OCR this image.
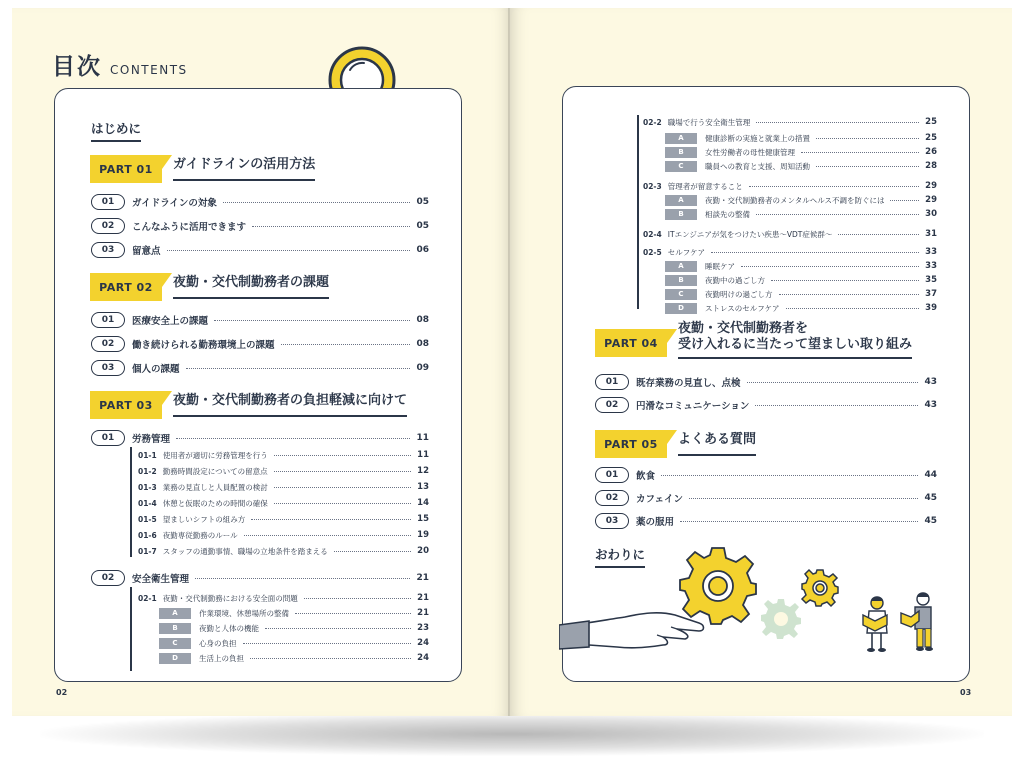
目次 CONTENTS
はじめに
PART 01	ガイドラインの活用方法
01	ガイドラインの対象	05
02	こんなふうに活用できます	05
03	留意点	06
PART 02	夜勤・交代制勤務者の課題
01	医療安全上の課題	08
02	働き続けられる勤務環境上の課題	08
03	個人の課題	09
PART 03	夜勤・交代制勤務者の負担軽減に向けて
01	労務管理	11
01-1 使用者が適切に労務管理を行う	11
01-2 勤務時間設定についての留意点	12
01-3 業務の見直しと人員配置の検討	13
01-4 休憩と仮眠のための時間の確保	14
01-5 望ましいシフトの組み方	15
01-6 夜勤専従勤務のルール	19
01-7 スタッフの通勤事情、職場の立地条件を踏まえる	20
02	安全衛生管理	21
02-1 夜勤・交代制勤務における安全面の問題	21
A	作業環境、休憩場所の整備	21
B	夜勤と人体の機能	23
C	心身の負担	24
D	生活上の負担	24
02
02-2 職場で行う安全衛生管理	25
A	健康診断の実施と就業上の措置	25
B	女性労働者の母性健康管理	26
C	職員への教育と支援、周知活動	28
02-3 管理者が留意すること	29
A	夜勤・交代制勤務者のメンタルヘルス不調を防ぐには	29
B	相談先の整備	30
02-4 ITエンジニアが気をつけたい疾患～VDT症候群～	31
02-5 セルフケア	33
A	睡眠ケア	33
B	夜勤中の過ごし方	35
C	夜勤明けの過ごし方	37
D	ストレスのセルフケア	39
PART 04
夜勤・交代制勤務者を
受け入れるに当たって望ましい取り組み
01	既存業務の見直し、点検	43
02	円滑なコミュニケーション	43
PART 05	よくある質問
01	飲食	44
02	カフェイン	45
03	薬の服用	45
おわりに
03
